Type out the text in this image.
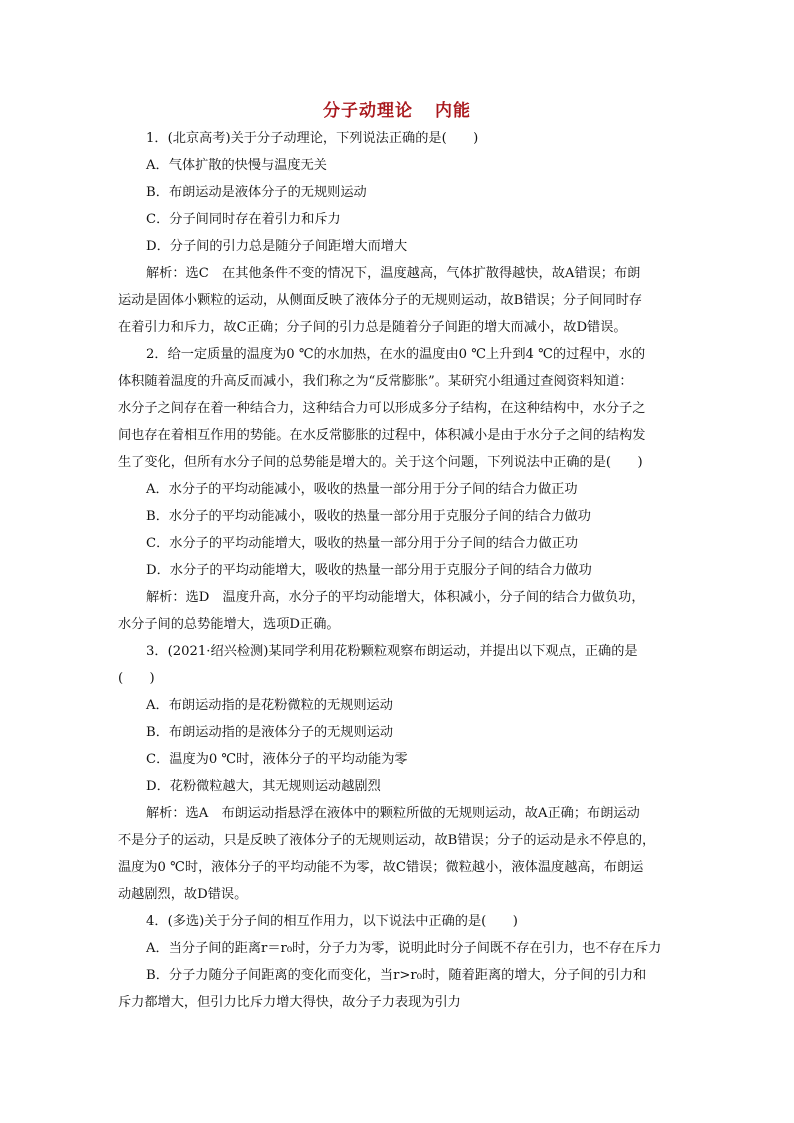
分子动理论 内能
1．(北京高考)关于分子动理论，下列说法正确的是(　　)
A．气体扩散的快慢与温度无关
B．布朗运动是液体分子的无规则运动
C．分子间同时存在着引力和斥力
D．分子间的引力总是随分子间距增大而增大
解析：选C　在其他条件不变的情况下，温度越高，气体扩散得越快，故A错误；布朗
运动是固体小颗粒的运动，从侧面反映了液体分子的无规则运动，故B错误；分子间同时存
在着引力和斥力，故C正确；分子间的引力总是随着分子间距的增大而减小，故D错误。
2．给一定质量的温度为0 ℃的水加热，在水的温度由0 ℃上升到4 ℃的过程中，水的
体积随着温度的升高反而减小，我们称之为“反常膨胀”。某研究小组通过查阅资料知道：
水分子之间存在着一种结合力，这种结合力可以形成多分子结构，在这种结构中，水分子之
间也存在着相互作用的势能。在水反常膨胀的过程中，体积减小是由于水分子之间的结构发
生了变化，但所有水分子间的总势能是增大的。关于这个问题，下列说法中正确的是(　　)
A．水分子的平均动能减小，吸收的热量一部分用于分子间的结合力做正功
B．水分子的平均动能减小，吸收的热量一部分用于克服分子间的结合力做功
C．水分子的平均动能增大，吸收的热量一部分用于分子间的结合力做正功
D．水分子的平均动能增大，吸收的热量一部分用于克服分子间的结合力做功
解析：选D　温度升高，水分子的平均动能增大，体积减小，分子间的结合力做负功，
水分子间的总势能增大，选项D正确。
3．(2021·绍兴检测)某同学利用花粉颗粒观察布朗运动，并提出以下观点，正确的是
(　　)
A．布朗运动指的是花粉微粒的无规则运动
B．布朗运动指的是液体分子的无规则运动
C．温度为0 ℃时，液体分子的平均动能为零
D．花粉微粒越大，其无规则运动越剧烈
解析：选A　布朗运动指悬浮在液体中的颗粒所做的无规则运动，故A正确；布朗运动
不是分子的运动，只是反映了液体分子的无规则运动，故B错误；分子的运动是永不停息的，
温度为0 ℃时，液体分子的平均动能不为零，故C错误；微粒越小，液体温度越高，布朗运
动越剧烈，故D错误。
4．(多选)关于分子间的相互作用力，以下说法中正确的是(　　)
A．当分子间的距离r＝r₀时，分子力为零，说明此时分子间既不存在引力，也不存在斥力
B．分子力随分子间距离的变化而变化，当r>r₀时，随着距离的增大，分子间的引力和
斥力都增大，但引力比斥力增大得快，故分子力表现为引力
